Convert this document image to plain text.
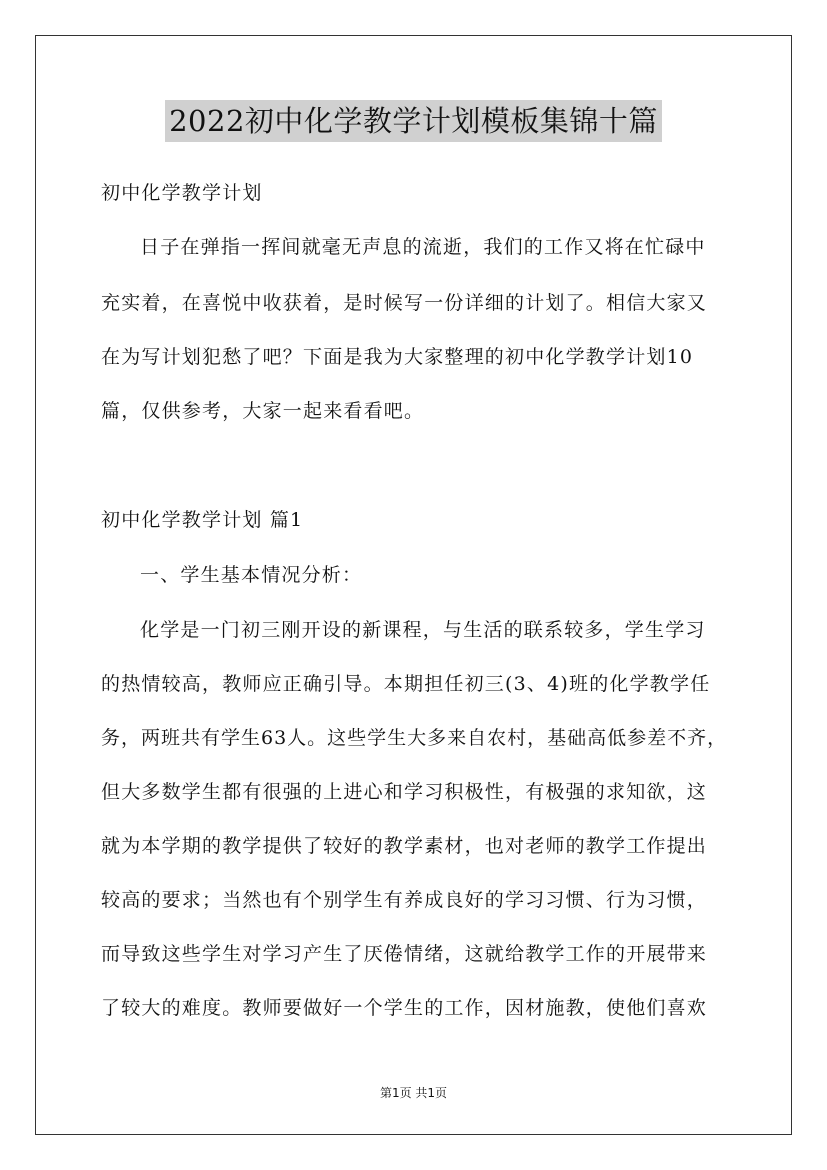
2022初中化学教学计划模板集锦十篇
初中化学教学计划
日子在弹指一挥间就毫无声息的流逝，我们的工作又将在忙碌中
充实着，在喜悦中收获着，是时候写一份详细的计划了。相信大家又
在为写计划犯愁了吧？下面是我为大家整理的初中化学教学计划10
篇，仅供参考，大家一起来看看吧。
初中化学教学计划 篇1
一、学生基本情况分析：
化学是一门初三刚开设的新课程，与生活的联系较多，学生学习
的热情较高，教师应正确引导。本期担任初三(3、4)班的化学教学任
务，两班共有学生63人。这些学生大多来自农村，基础高低参差不齐，
但大多数学生都有很强的上进心和学习积极性，有极强的求知欲，这
就为本学期的教学提供了较好的教学素材，也对老师的教学工作提出
较高的要求；当然也有个别学生有养成良好的学习习惯、行为习惯，
而导致这些学生对学习产生了厌倦情绪，这就给教学工作的开展带来
了较大的难度。教师要做好一个学生的工作，因材施教，使他们喜欢
第1页 共1页
